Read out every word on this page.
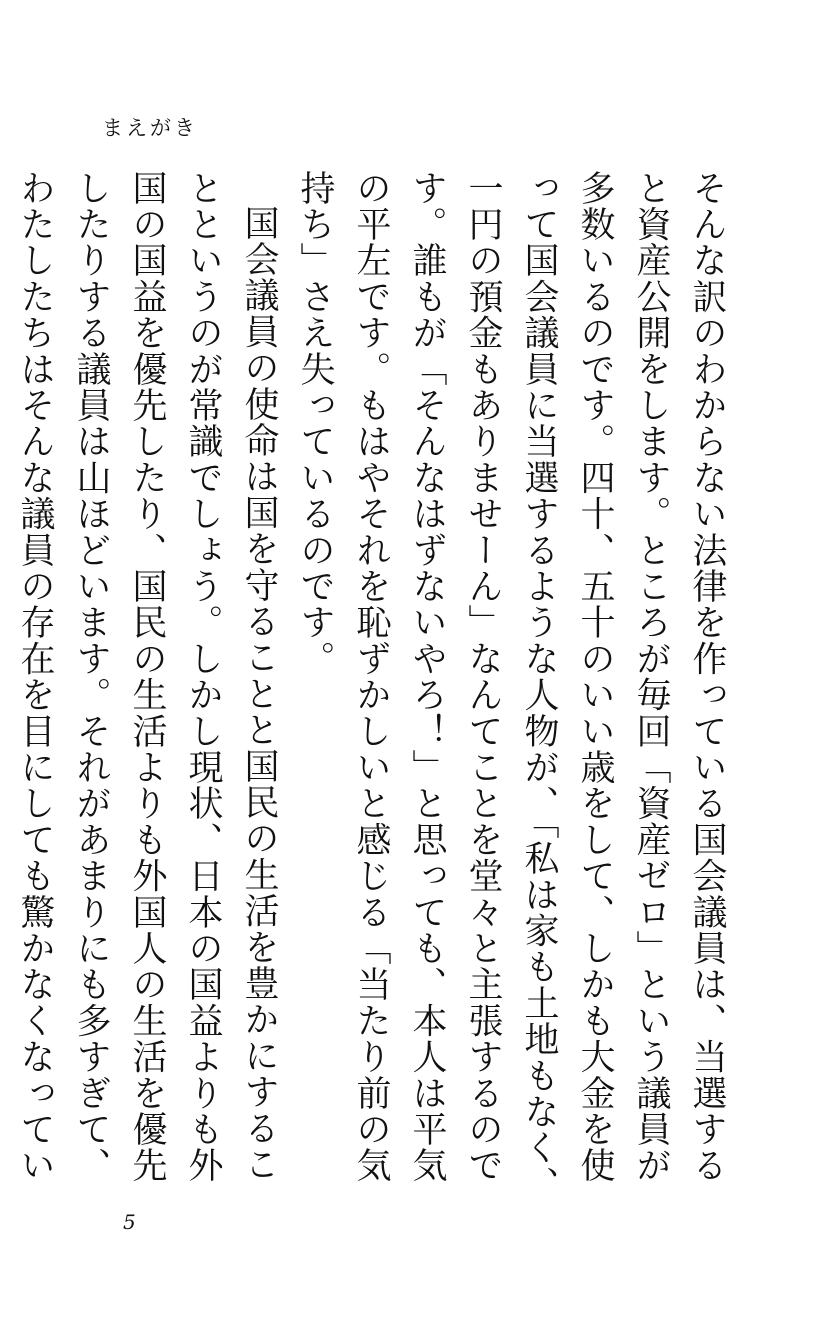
まえがき

そんな訳のわからない法律を作っている国会議員は、当選すると資産公開をします。ところが毎回「資産ゼロ」という議員が多数いるのです。四十、五十のいい歳をして、しかも大金を使って国会議員に当選するような人物が、「私は家も土地もなく、一円の預金もありませーん」なんてことを堂々と主張するのです。誰もが「そんなはずないやろ！」と思っても、本人は平気の平左です。もはやそれを恥ずかしいと感じる「当たり前の気持ち」さえ失っているのです。

国会議員の使命は国を守ることと国民の生活を豊かにすることというのが常識でしょう。しかし現状、日本の国益よりも外国の国益を優先したり、国民の生活よりも外国人の生活を優先したりする議員は山ほどいます。それがあまりにも多すぎて、わたしたちはそんな議員の存在を目にしても驚かなくなってい

5
